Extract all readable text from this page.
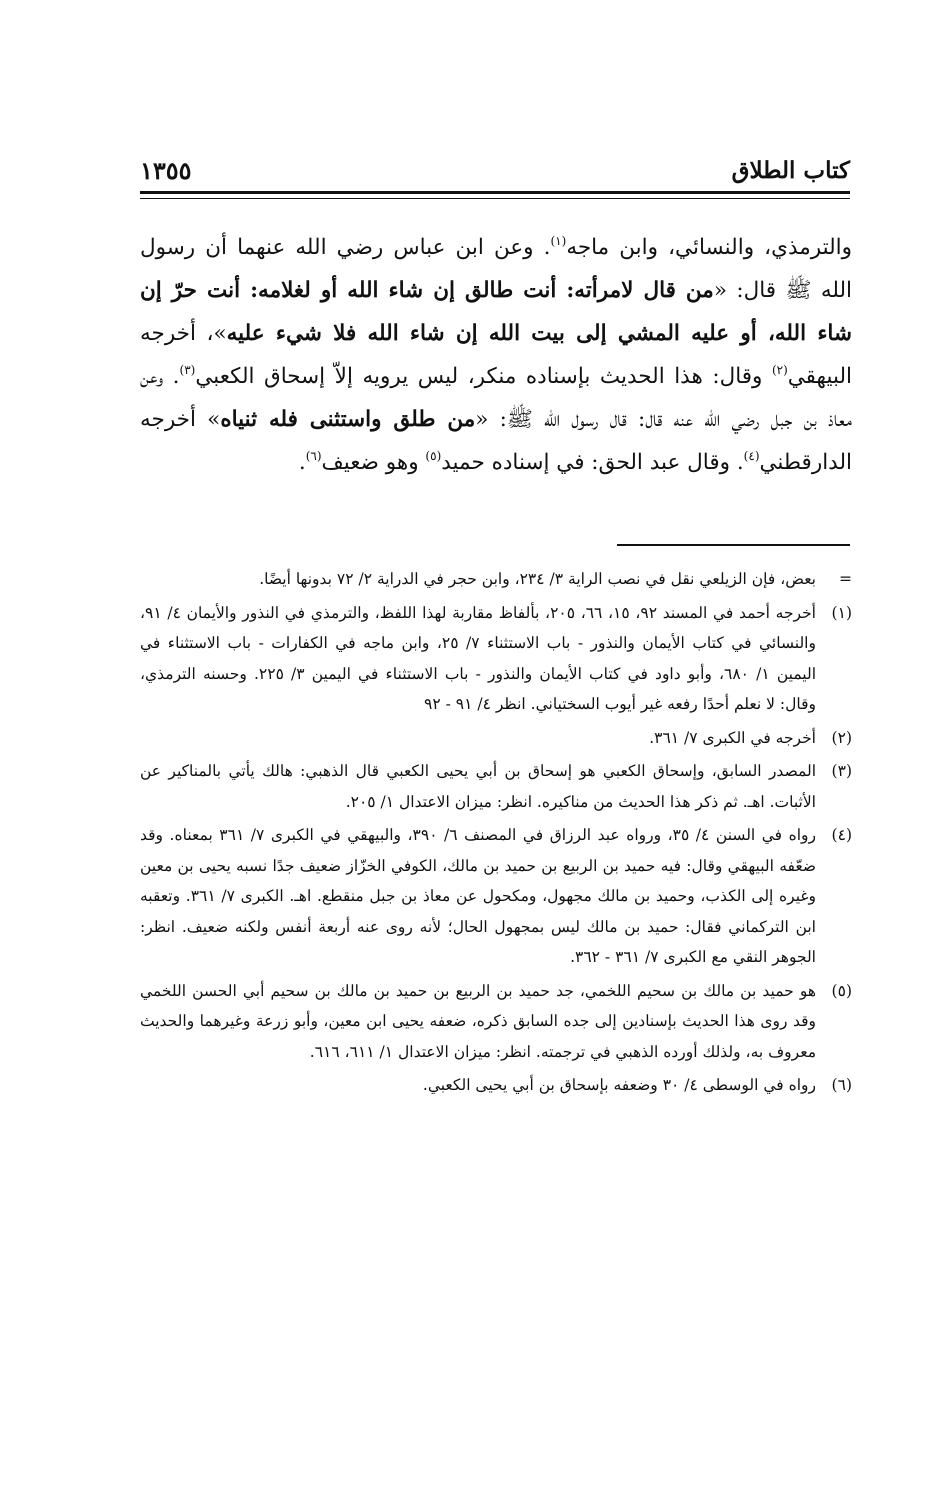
كتاب الطلاق
١٣٥٥
والترمذي، والنسائي، وابن ماجه$^{(١)}$. وعن ابن عباس رضي الله عنهما أن رسول الله ﷺ قال: «من قال لامرأته: أنت طالق إن شاء الله أو لغلامه: أنت حرّ إن شاء الله، أو عليه المشي إلى بيت الله إن شاء الله فلا شيء عليه»، أخرجه البيهقي$^{(٢)}$ وقال: هذا الحديث بإسناده منكر، ليس يرويه إلاّ إسحاق الكعبي$^{(٣)}$. وعن معاذ بن جبل رضي الله عنه قال: قال رسول الله ﷺ: «من طلق واستثنى فله ثنياه» أخرجه الدارقطني$^{(٤)}$. وقال عبد الحق: في إسناده حميد$^{(٥)}$ وهو ضعيف$^{(٦)}$.
=
بعض، فإن الزيلعي نقل في نصب الراية ٣/ ٢٣٤، وابن حجر في الدراية ٢/ ٧٢ بدونها أيضًا.
(١)
أخرجه أحمد في المسند ٩٢، ١٥، ٦٦، ٢٠٥، بألفاظ مقاربة لهذا اللفظ، والترمذي في النذور والأيمان ٤/ ٩١، والنسائي في كتاب الأيمان والنذور - باب الاستثناء ٧/ ٢٥، وابن ماجه في الكفارات - باب الاستثناء في اليمين ١/ ٦٨٠، وأبو داود في كتاب الأيمان والنذور - باب الاستثناء في اليمين ٣/ ٢٢٥. وحسنه الترمذي، وقال: لا نعلم أحدًا رفعه غير أيوب السختياني. انظر ٤/ ٩١ - ٩٢
(٢)
أخرجه في الكبرى ٧/ ٣٦١.
(٣)
المصدر السابق، وإسحاق الكعبي هو إسحاق بن أبي يحيى الكعبي قال الذهبي: هالك يأتي بالمناكير عن الأثبات. اهـ. ثم ذكر هذا الحديث من مناكيره. انظر: ميزان الاعتدال ١/ ٢٠٥.
(٤)
رواه في السنن ٤/ ٣٥، ورواه عبد الرزاق في المصنف ٦/ ٣٩٠، والبيهقي في الكبرى ٧/ ٣٦١ بمعناه. وقد ضعّفه البيهقي وقال: فيه حميد بن الربيع بن حميد بن مالك، الكوفي الخزّاز ضعيف جدًا نسبه يحيى بن معين وغيره إلى الكذب، وحميد بن مالك مجهول، ومكحول عن معاذ بن جبل منقطع. اهـ. الكبرى ٧/ ٣٦١. وتعقبه ابن التركماني فقال: حميد بن مالك ليس بمجهول الحال؛ لأنه روى عنه أربعة أنفس ولكنه ضعيف. انظر: الجوهر النقي مع الكبرى ٧/ ٣٦١ - ٣٦٢.
(٥)
هو حميد بن مالك بن سحيم اللخمي، جد حميد بن الربيع بن حميد بن مالك بن سحيم أبي الحسن اللخمي وقد روى هذا الحديث بإسنادين إلى جده السابق ذكره، ضعفه يحيى ابن معين، وأبو زرعة وغيرهما والحديث معروف به، ولذلك أورده الذهبي في ترجمته. انظر: ميزان الاعتدال ١/ ٦١١، ٦١٦.
(٦)
رواه في الوسطى ٤/ ٣٠ وضعفه بإسحاق بن أبي يحيى الكعبي.
